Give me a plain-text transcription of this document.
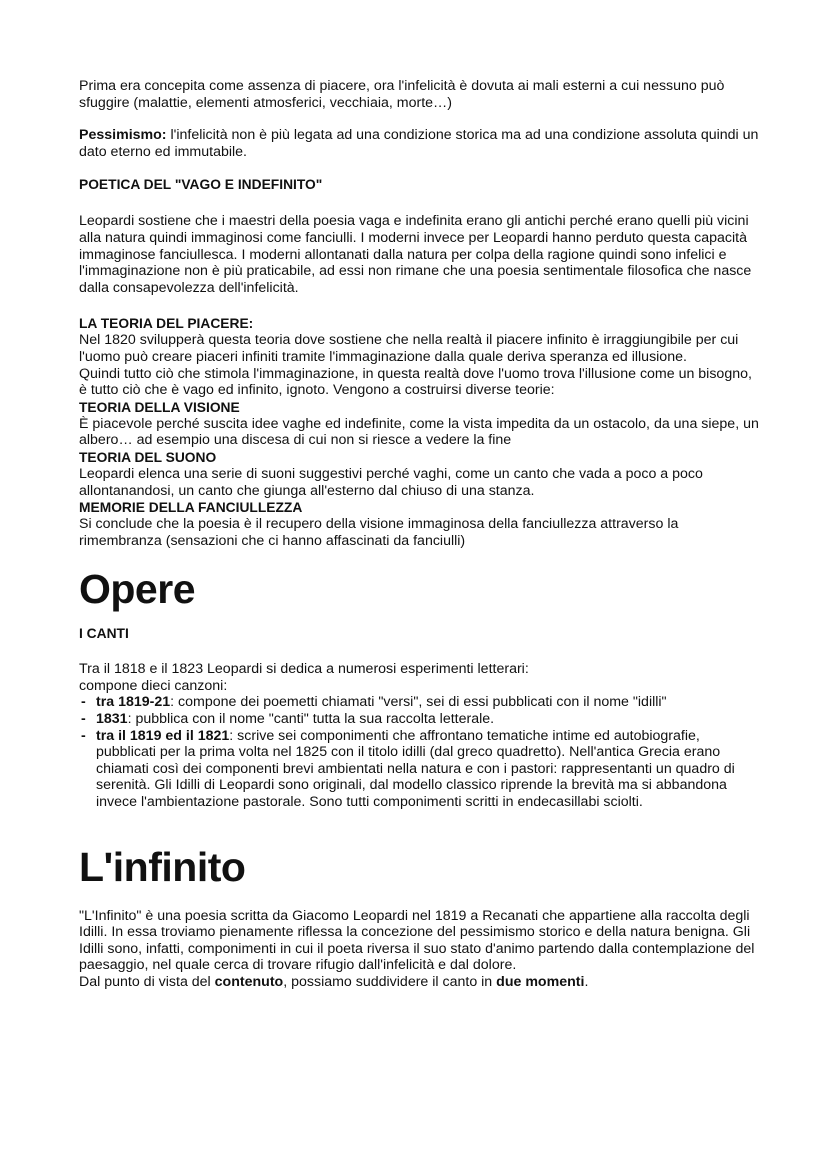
Prima era concepita come assenza di piacere, ora l'infelicità è dovuta ai mali esterni a cui nessuno può sfuggire (malattie, elementi atmosferici, vecchiaia, morte…)

Pessimismo: l'infelicità non è più legata ad una condizione storica ma ad una condizione assoluta quindi un dato eterno ed immutabile.

POETICA DEL "VAGO E INDEFINITO"

Leopardi sostiene che i maestri della poesia vaga e indefinita erano gli antichi perché erano quelli più vicini alla natura quindi immaginosi come fanciulli. I moderni invece per Leopardi hanno perduto questa capacità immaginose fanciullesca. I moderni allontanati dalla natura per colpa della ragione quindi sono infelici e l'immaginazione non è più praticabile, ad essi non rimane che una poesia sentimentale filosofica che nasce dalla consapevolezza dell'infelicità.

LA TEORIA DEL PIACERE:

Nel 1820 svilupperà questa teoria dove sostiene che nella realtà il piacere infinito è irraggiungibile per cui l'uomo può creare piaceri infiniti tramite l'immaginazione dalla quale deriva speranza ed illusione.

Quindi tutto ciò che stimola l'immaginazione, in questa realtà dove l'uomo trova l'illusione come un bisogno, è tutto ciò che è vago ed infinito, ignoto. Vengono a costruirsi diverse teorie:

TEORIA DELLA VISIONE

È piacevole perché suscita idee vaghe ed indefinite, come la vista impedita da un ostacolo, da una siepe, un albero… ad esempio una discesa di cui non si riesce a vedere la fine

TEORIA DEL SUONO

Leopardi elenca una serie di suoni suggestivi perché vaghi, come un canto che vada a poco a poco allontanandosi, un canto che giunga all'esterno dal chiuso di una stanza.

MEMORIE DELLA FANCIULLEZZA

Si conclude che la poesia è il recupero della visione immaginosa della fanciullezza attraverso la rimembranza (sensazioni che ci hanno affascinati da fanciulli)

Opere
I CANTI

Tra il 1818 e il 1823 Leopardi si dedica a numerosi esperimenti letterari:

compone dieci canzoni:

- tra 1819-21: compone dei poemetti chiamati "versi", sei di essi pubblicati con il nome "idilli"
- 1831: pubblica con il nome "canti" tutta la sua raccolta letterale.
- tra il 1819 ed il 1821: scrive sei componimenti che affrontano tematiche intime ed autobiografie, pubblicati per la prima volta nel 1825 con il titolo idilli (dal greco quadretto). Nell'antica Grecia erano chiamati così dei componenti brevi ambientati nella natura e con i pastori: rappresentanti un quadro di serenità. Gli Idilli di Leopardi sono originali, dal modello classico riprende la brevità ma si abbandona invece l'ambientazione pastorale. Sono tutti componimenti scritti in endecasillabi sciolti.
L'infinito

"L'Infinito" è una poesia scritta da Giacomo Leopardi nel 1819 a Recanati che appartiene alla raccolta degli Idilli. In essa troviamo pienamente riflessa la concezione del pessimismo storico e della natura benigna. Gli Idilli sono, infatti, componimenti in cui il poeta riversa il suo stato d'animo partendo dalla contemplazione del paesaggio, nel quale cerca di trovare rifugio dall'infelicità e dal dolore.

Dal punto di vista del contenuto, possiamo suddividere il canto in due momenti.
